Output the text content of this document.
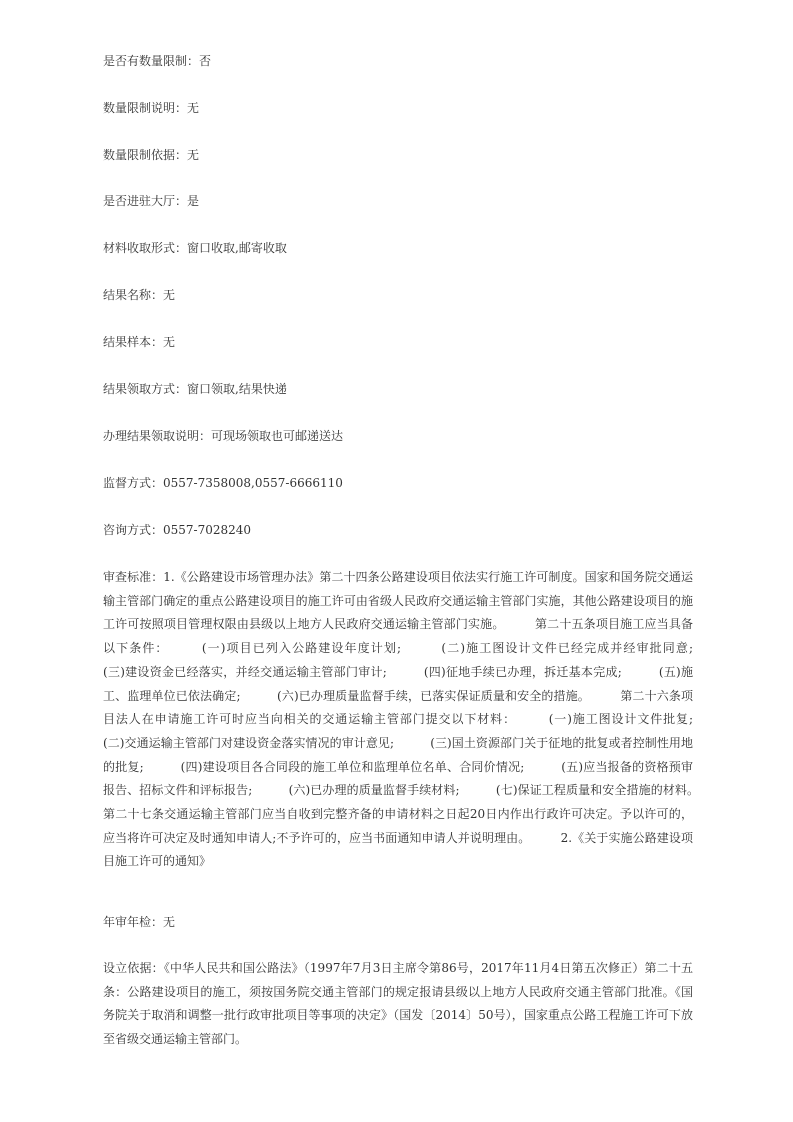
是否有数量限制：否
数量限制说明：无
数量限制依据：无
是否进驻大厅：是
材料收取形式：窗口收取,邮寄收取
结果名称：无
结果样本：无
结果领取方式：窗口领取,结果快递
办理结果领取说明：可现场领取也可邮递送达
监督方式：0557-7358008,0557-6666110
咨询方式：0557-7028240
审查标准：1.《公路建设市场管理办法》第二十四条公路建设项目依法实行施工许可制度。国家和国务院交通运输主管部门确定的重点公路建设项目的施工许可由省级人民政府交通运输主管部门实施，其他公路建设项目的施工许可按照项目管理权限由县级以上地方人民政府交通运输主管部门实施。　　　第二十五条项目施工应当具备以下条件：　　　(一)项目已列入公路建设年度计划;　　　(二)施工图设计文件已经完成并经审批同意;　　　(三)建设资金已经落实，并经交通运输主管部门审计;　　　(四)征地手续已办理，拆迁基本完成;　　　(五)施工、监理单位已依法确定;　　　(六)已办理质量监督手续，已落实保证质量和安全的措施。　　　第二十六条项目法人在申请施工许可时应当向相关的交通运输主管部门提交以下材料：　　　(一)施工图设计文件批复;　　　(二)交通运输主管部门对建设资金落实情况的审计意见;　　　(三)国土资源部门关于征地的批复或者控制性用地的批复;　　　(四)建设项目各合同段的施工单位和监理单位名单、合同价情况;　　　(五)应当报备的资格预审报告、招标文件和评标报告;　　　(六)已办理的质量监督手续材料;　　　(七)保证工程质量和安全措施的材料。　　　第二十七条交通运输主管部门应当自收到完整齐备的申请材料之日起20日内作出行政许可决定。予以许可的，应当将许可决定及时通知申请人;不予许可的，应当书面通知申请人并说明理由。　　　2.《关于实施公路建设项目施工许可的通知》
年审年检：无
设立依据：《中华人民共和国公路法》（1997年7月3日主席令第86号，2017年11月4日第五次修正）第二十五条：公路建设项目的施工，须按国务院交通主管部门的规定报请县级以上地方人民政府交通主管部门批准。《国务院关于取消和调整一批行政审批项目等事项的决定》（国发〔2014〕50号），国家重点公路工程施工许可下放至省级交通运输主管部门。
